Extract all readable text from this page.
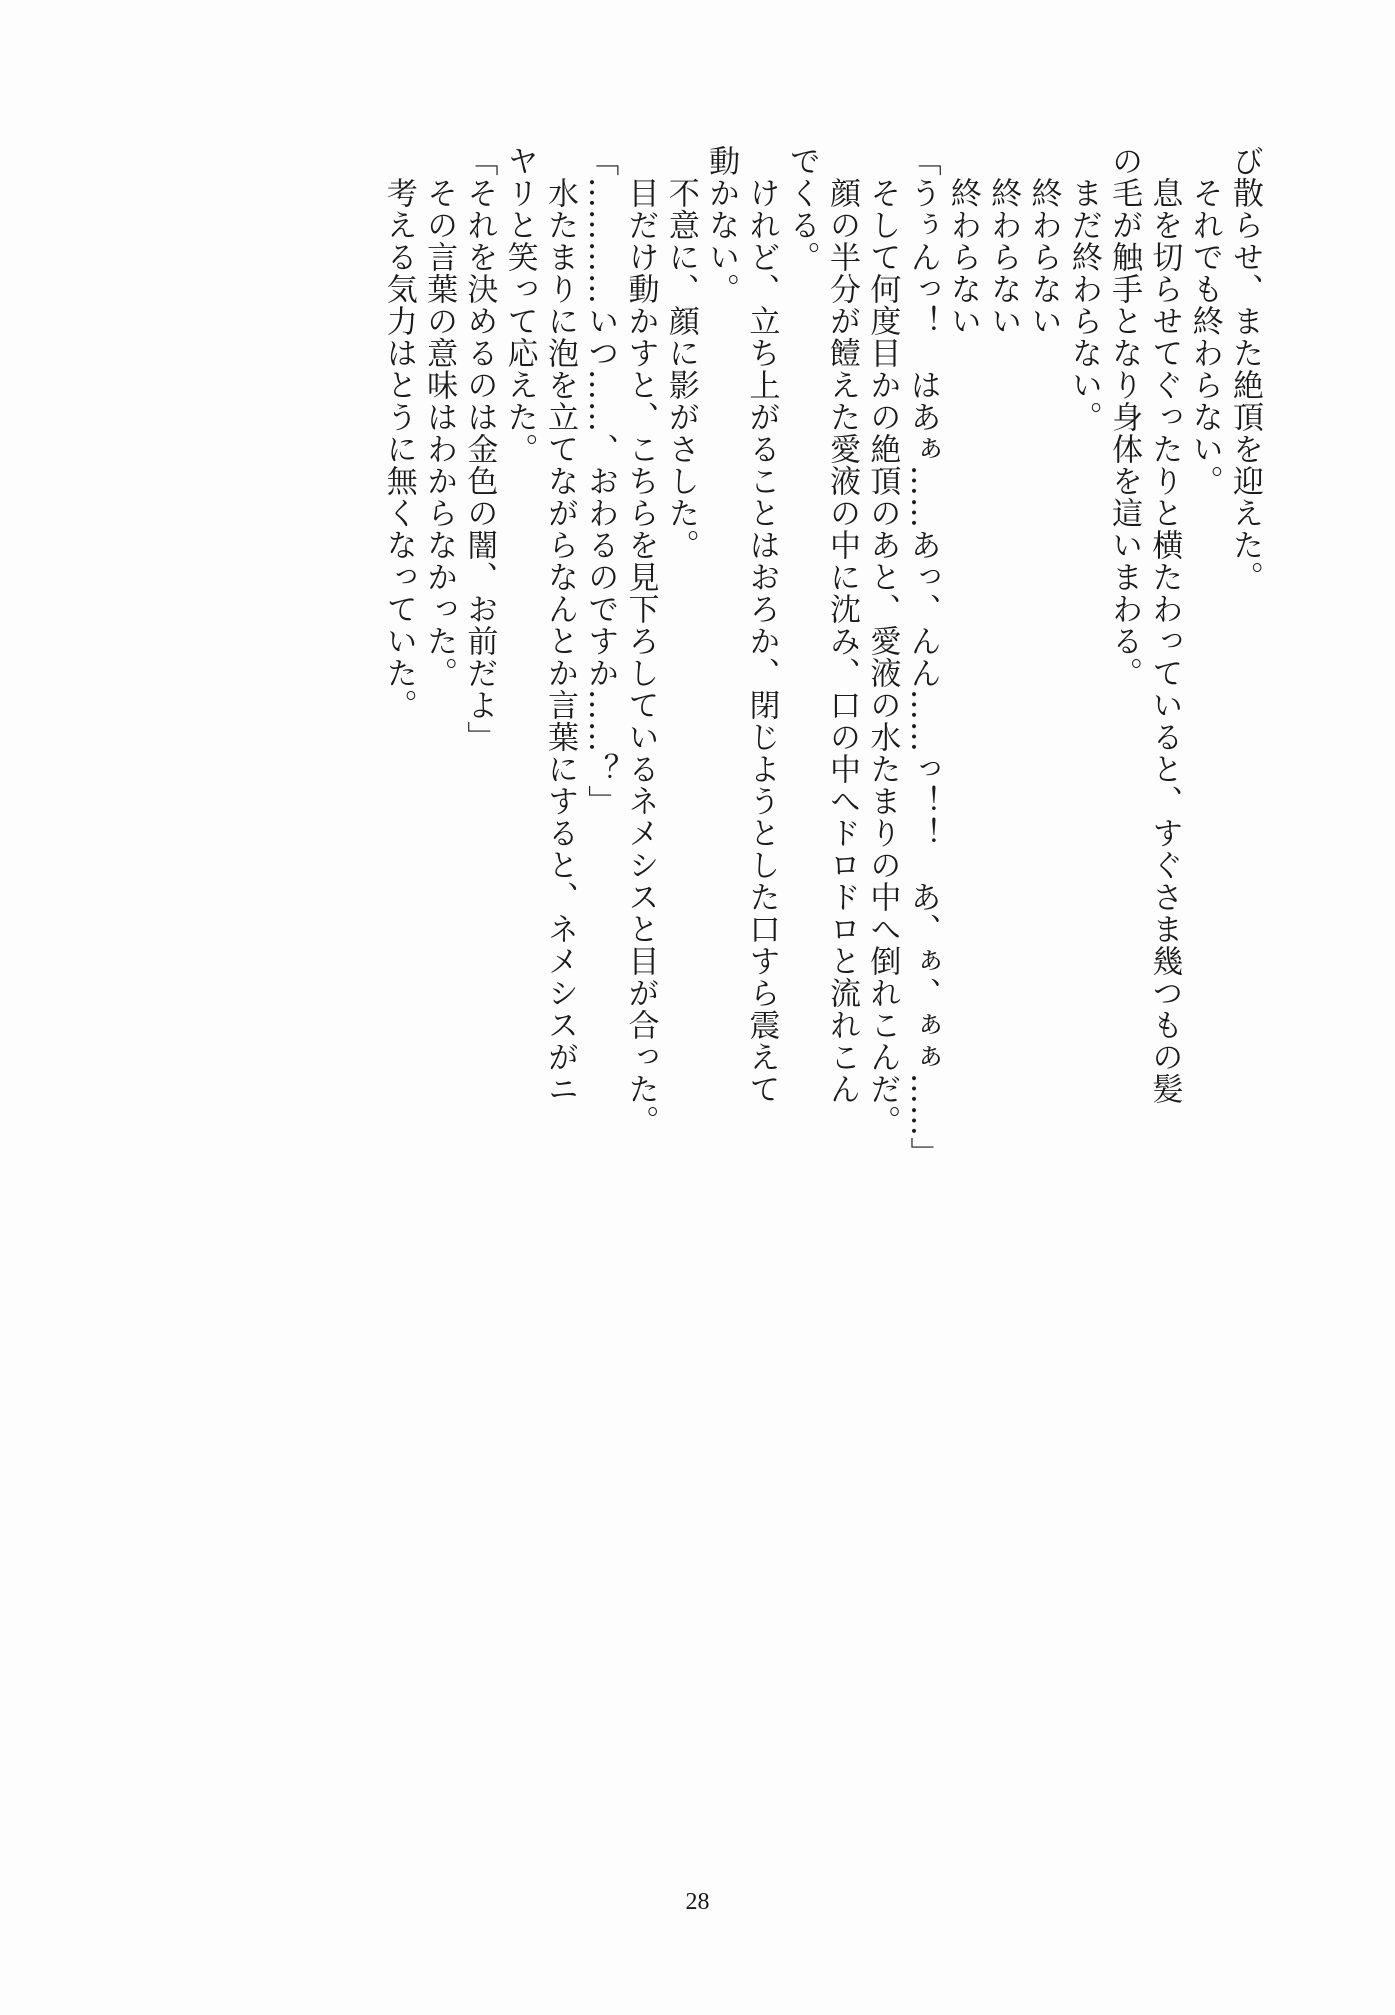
び散らせ、また絶頂を迎えた。
　それでも終わらない。
　息を切らせてぐったりと横たわっていると、すぐさま幾つもの髪
の毛が触手となり身体を這いまわる。
　まだ終わらない。
　終わらない
　終わらない
　終わらない
「うぅんっ！　はあぁ……あっ、んん……っ！！　あ、ぁ、ぁぁ……」
　そして何度目かの絶頂のあと、愛液の水たまりの中へ倒れこんだ。
　顔の半分が饐えた愛液の中に沈み、口の中へドロドロと流れこん
でくる。
　けれど、立ち上がることはおろか、閉じようとした口すら震えて
動かない。
　不意に、顔に影がさした。
　目だけ動かすと、こちらを見下ろしているネメシスと目が合った。
「…………いつ……、おわるのですか……？」
　水たまりに泡を立てながらなんとか言葉にすると、ネメシスがニ
ヤリと笑って応えた。
「それを決めるのは金色の闇、お前だよ」
　その言葉の意味はわからなかった。
　考える気力はとうに無くなっていた。
28
